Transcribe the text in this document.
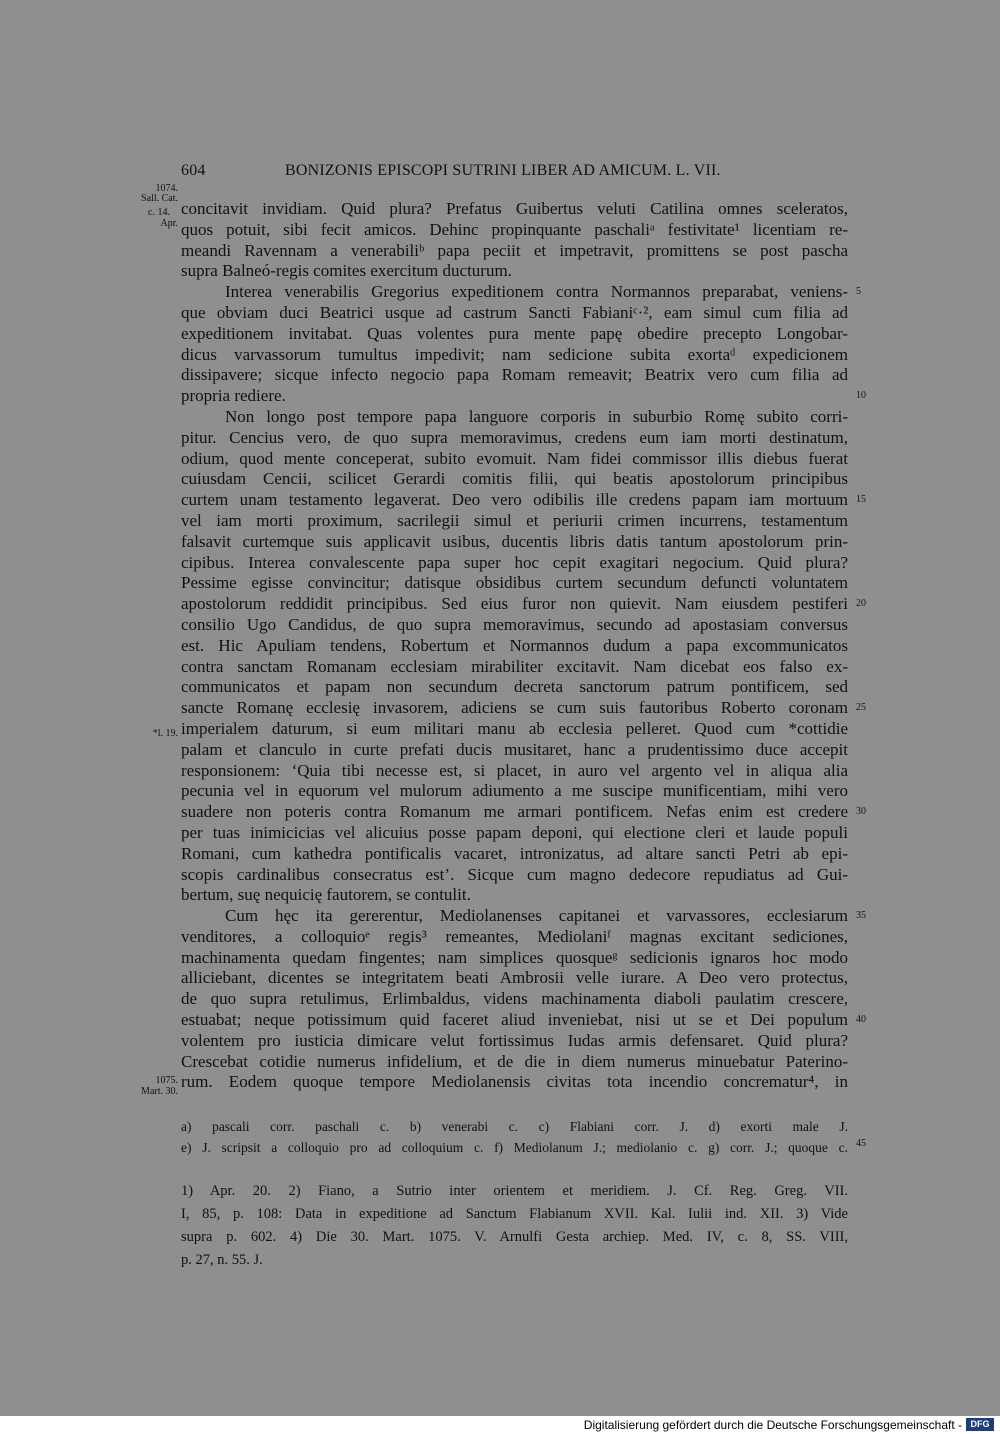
604	BONIZONIS EPISCOPI SUTRINI LIBER AD AMICUM. L. VII.
1074.
Sall. Cat.
c. 14.
Apr.
*l. 19.
1075.
Mart. 30.
concitavit invidiam. Quid plura? Prefatus Guibertus veluti Catilina omnes sceleratos,
quos potuit, sibi fecit amicos. Dehinc propinquante paschaliᵃ festivitate¹ licentiam re-
meandi Ravennam a venerabiliᵇ papa peciit et impetravit, promittens se post pascha
supra Balneó-regis comites exercitum ducturum.
Interea venerabilis Gregorius expeditionem contra Normannos preparabat, veniens-
que obviam duci Beatrici usque ad castrum Sancti Fabianiᶜ·², eam simul cum filia ad
expeditionem invitabat. Quas volentes pura mente papę obedire precepto Longobar-
dicus varvassorum tumultus impedivit; nam sedicione subita exortaᵈ expedicionem
dissipavere; sicque infecto negocio papa Romam remeavit; Beatrix vero cum filia ad
propria rediere.
Non longo post tempore papa languore corporis in suburbio Romę subito corri-
pitur. Cencius vero, de quo supra memoravimus, credens eum iam morti destinatum,
odium, quod mente conceperat, subito evomuit. Nam fidei commissor illis diebus fuerat
cuiusdam Cencii, scilicet Gerardi comitis filii, qui beatis apostolorum principibus
curtem unam testamento legaverat. Deo vero odibilis ille credens papam iam mortuum
vel iam morti proximum, sacrilegii simul et periurii crimen incurrens, testamentum
falsavit curtemque suis applicavit usibus, ducentis libris datis tantum apostolorum prin-
cipibus. Interea convalescente papa super hoc cepit exagitari negocium. Quid plura?
Pessime egisse convincitur; datisque obsidibus curtem secundum defuncti voluntatem
apostolorum reddidit principibus. Sed eius furor non quievit. Nam eiusdem pestiferi
consilio Ugo Candidus, de quo supra memoravimus, secundo ad apostasiam conversus
est. Hic Apuliam tendens, Robertum et Normannos dudum a papa excommunicatos
contra sanctam Romanam ecclesiam mirabiliter excitavit. Nam dicebat eos falso ex-
communicatos et papam non secundum decreta sanctorum patrum pontificem, sed
sancte Romanę ecclesię invasorem, adiciens se cum suis fautoribus Roberto coronam
imperialem daturum, si eum militari manu ab ecclesia pelleret. Quod cum *cottidie
palam et clanculo in curte prefati ducis musitaret, hanc a prudentissimo duce accepit
responsionem: ‘Quia tibi necesse est, si placet, in auro vel argento vel in aliqua alia
pecunia vel in equorum vel mulorum adiumento a me suscipe munificentiam, mihi vero
suadere non poteris contra Romanum me armari pontificem. Nefas enim est credere
per tuas inimicicias vel alicuius posse papam deponi, qui electione cleri et laude populi
Romani, cum kathedra pontificalis vacaret, intronizatus, ad altare sancti Petri ab epi-
scopis cardinalibus consecratus est’. Sicque cum magno dedecore repudiatus ad Gui-
bertum, suę nequicię fautorem, se contulit.
Cum hęc ita gererentur, Mediolanenses capitanei et varvassores, ecclesiarum
venditores, a colloquioᵉ regis³ remeantes, Mediolaniᶠ magnas excitant sediciones,
machinamenta quedam fingentes; nam simplices quosqueᵍ sedicionis ignaros hoc modo
alliciebant, dicentes se integritatem beati Ambrosii velle iurare. A Deo vero protectus,
de quo supra retulimus, Erlimbaldus, videns machinamenta diaboli paulatim crescere,
estuabat; neque potissimum quid faceret aliud inveniebat, nisi ut se et Dei populum
volentem pro iusticia dimicare velut fortissimus Iudas armis defensaret. Quid plura?
Crescebat cotidie numerus infidelium, et de die in diem numerus minuebatur Paterino-
rum. Eodem quoque tempore Mediolanensis civitas tota incendio concrematur⁴, in
5
10
15
20
25
30
35
40
a) pascali corr. paschali c. b) venerabi c. c) Flabiani corr. J. d) exorti male J.
e) J. scripsit a colloquio pro ad colloquium c. f) Mediolanum J.; mediolanio c. g) corr. J.; quoque c. 45
1) Apr. 20. 2) Fiano, a Sutrio inter orientem et meridiem. J. Cf. Reg. Greg. VII.
I, 85, p. 108: Data in expeditione ad Sanctum Flabianum XVII. Kal. Iulii ind. XII. 3) Vide
supra p. 602. 4) Die 30. Mart. 1075. V. Arnulfi Gesta archiep. Med. IV, c. 8, SS. VIII,
p. 27, n. 55. J.
Digitalisierung gefördert durch die Deutsche Forschungsgemeinschaft - DFG
